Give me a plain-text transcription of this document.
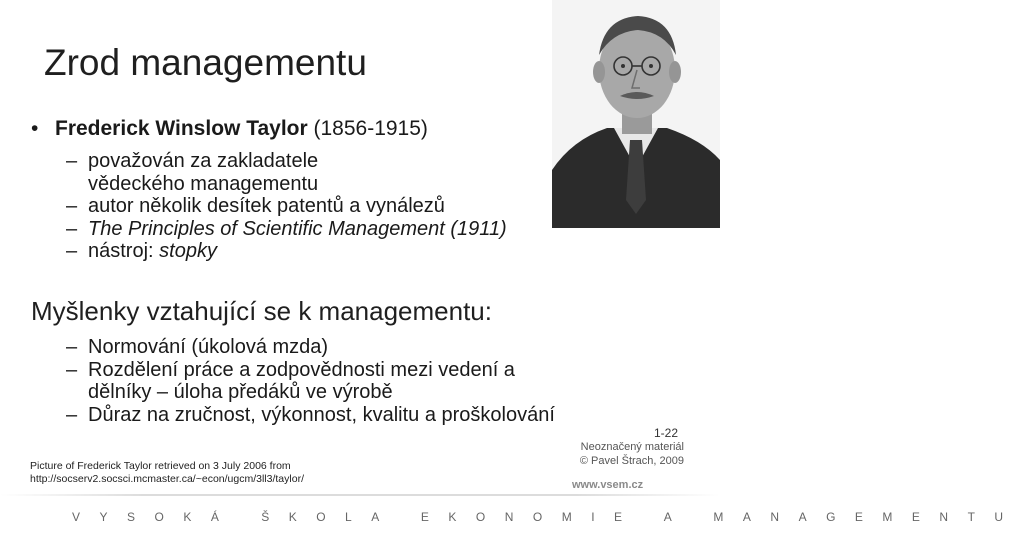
Zrod managementu
• Frederick Winslow Taylor (1856-1915)
– považován za zakladatele
vědeckého managementu
– autor několik desítek patentů a vynálezů
– The Principles of Scientific Management (1911)
– nástroj: stopky
Myšlenky vztahující se k managementu:
– Normování (úkolová mzda)
– Rozdělení práce a zodpovědnosti mezi vedení a
dělníky – úloha předáků ve výrobě
– Důraz na zručnost, výkonnost, kvalitu a proškolování
Picture of Frederick Taylor retrieved on 3 July 2006 from
http://socserv2.socsci.mcmaster.ca/~econ/ugcm/3ll3/taylor/
1-22
Neoznačený materiál
© Pavel Štrach, 2009
www.vsem.cz
VYSOKÁ ŠKOLA EKONOMIE A MANAGEMENTU
